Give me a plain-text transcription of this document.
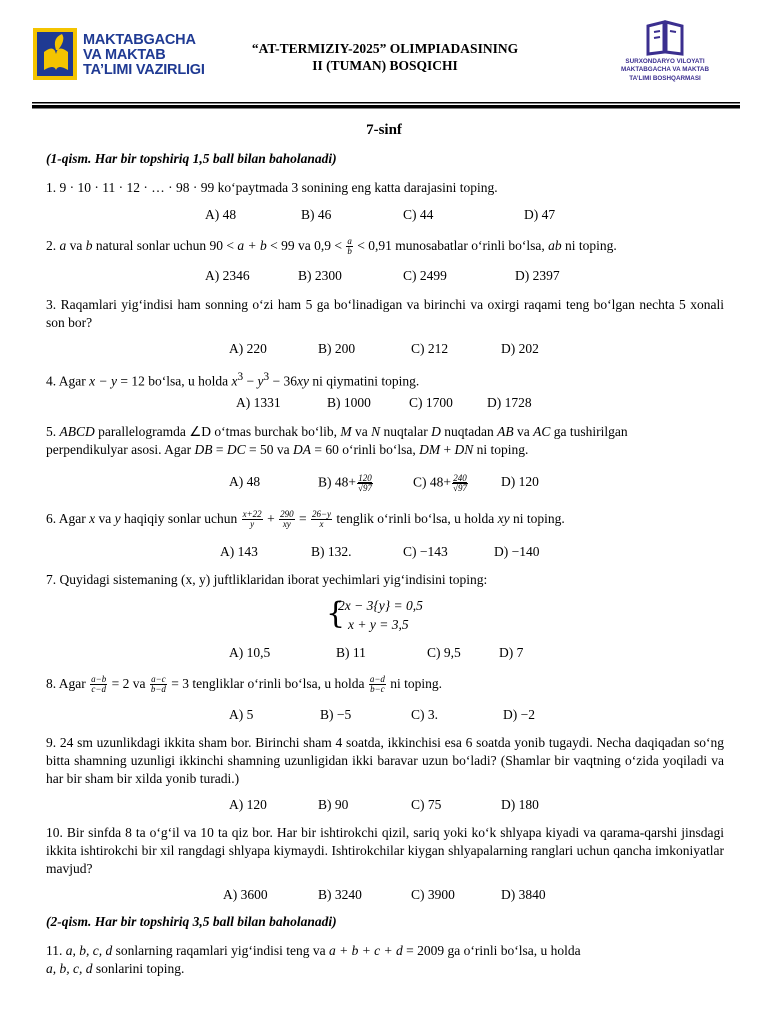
MAKTABGACHA
VA MAKTAB
TA’LIMI VAZIRLIGI
“AT-TERMIZIY-2025” OLIMPIADASINING
II (TUMAN) BOSQICHI	SURXONDARYO VILOYATI
MAKTABGACHA VA MAKTAB
TA’LIMI BOSHQARMASI
7-sinf
(1-qism. Har bir topshiriq 1,5 ball bilan baholanadi)
1. 9 · 10 · 11 · 12 · … · 98 · 99 ko‘paytmada 3 sonining eng katta darajasini toping.
A) 48	B) 46	C) 44	D) 47
2. a va b natural sonlar uchun 90 < a + b < 99 va $0,9 < \frac{a}{b} < 0,91$ munosabatlar o‘rinli bo‘lsa, ab ni toping.
A) 2346	B) 2300	C) 2499	D) 2397
3. Raqamlari yig‘indisi ham sonning o‘zi ham 5 ga bo‘linadigan va birinchi va oxirgi raqami teng bo‘lgan nechta 5 xonali son bor?
A) 220	B) 200	C) 212	D) 202
4. Agar x − y = 12 bo‘lsa, u holda $x^3 - y^3 - 36xy$ ni qiymatini toping.
A) 1331	B) 1000	C) 1700	D) 1728
5. ABCD parallelogramda ∠D o‘tmas burchak bo‘lib, M va N nuqtalar D nuqtadan AB va AC ga tushirilgan
perpendikulyar asosi. Agar DB = DC = 50 va DA = 60 o‘rinli bo‘lsa, DM + DN ni toping.
A) 48	B) $48+ \frac{120}{√97}$	C) $48+ \frac{240}{√97} D$) 120
6. Agar x va y haqiqiy sonlar uchun $\frac{x+22}{y} + \frac{290}{xy} = \frac{26-y}{x}$ tenglik o‘rinli bo‘lsa, u holda xy ni toping.
A) 143	B) 132.	C) −143	D) −140
7. Quyidagi sistemaning (x, y) juftliklaridan iborat yechimlari yig‘indisini toping:
{
2x − 3{y} = 0,5
x + y = 3,5
A) 10,5	B) 11	C) 9,5	D) 7
8. Agar $\frac{a-b}{c-d} = 2$ va $\frac{a-c}{b-d} = 3$ tengliklar o‘rinli bo‘lsa, u holda $\frac{a-d}{b-c}$ ni toping.
A) 5	B) −5	C) 3.	D) −2
9. 24 sm uzunlikdagi ikkita sham bor. Birinchi sham 4 soatda, ikkinchisi esa 6 soatda yonib tugaydi. Necha daqiqadan so‘ng bitta shamning uzunligi ikkinchi shamning uzunligidan ikki baravar uzun bo‘ladi? (Shamlar bir vaqtning o‘zida yoqiladi va har bir sham bir xilda yonib turadi.)
A) 120	B) 90	C) 75	D) 180
10. Bir sinfda 8 ta o‘g‘il va 10 ta qiz bor. Har bir ishtirokchi qizil, sariq yoki ko‘k shlyapa kiyadi va qarama-qarshi jinsdagi ikkita ishtirokchi bir xil rangdagi shlyapa kiymaydi. Ishtirokchilar kiygan shlyapalarning ranglari uchun qancha imkoniyatlar mavjud?
A) 3600	B) 3240	C) 3900	D) 3840
(2-qism. Har bir topshiriq 3,5 ball bilan baholanadi)
11. a, b, c, d sonlarning raqamlari yig‘indisi teng va a + b + c + d = 2009 ga o‘rinli bo‘lsa, u holda
a, b, c, d sonlarini toping.
